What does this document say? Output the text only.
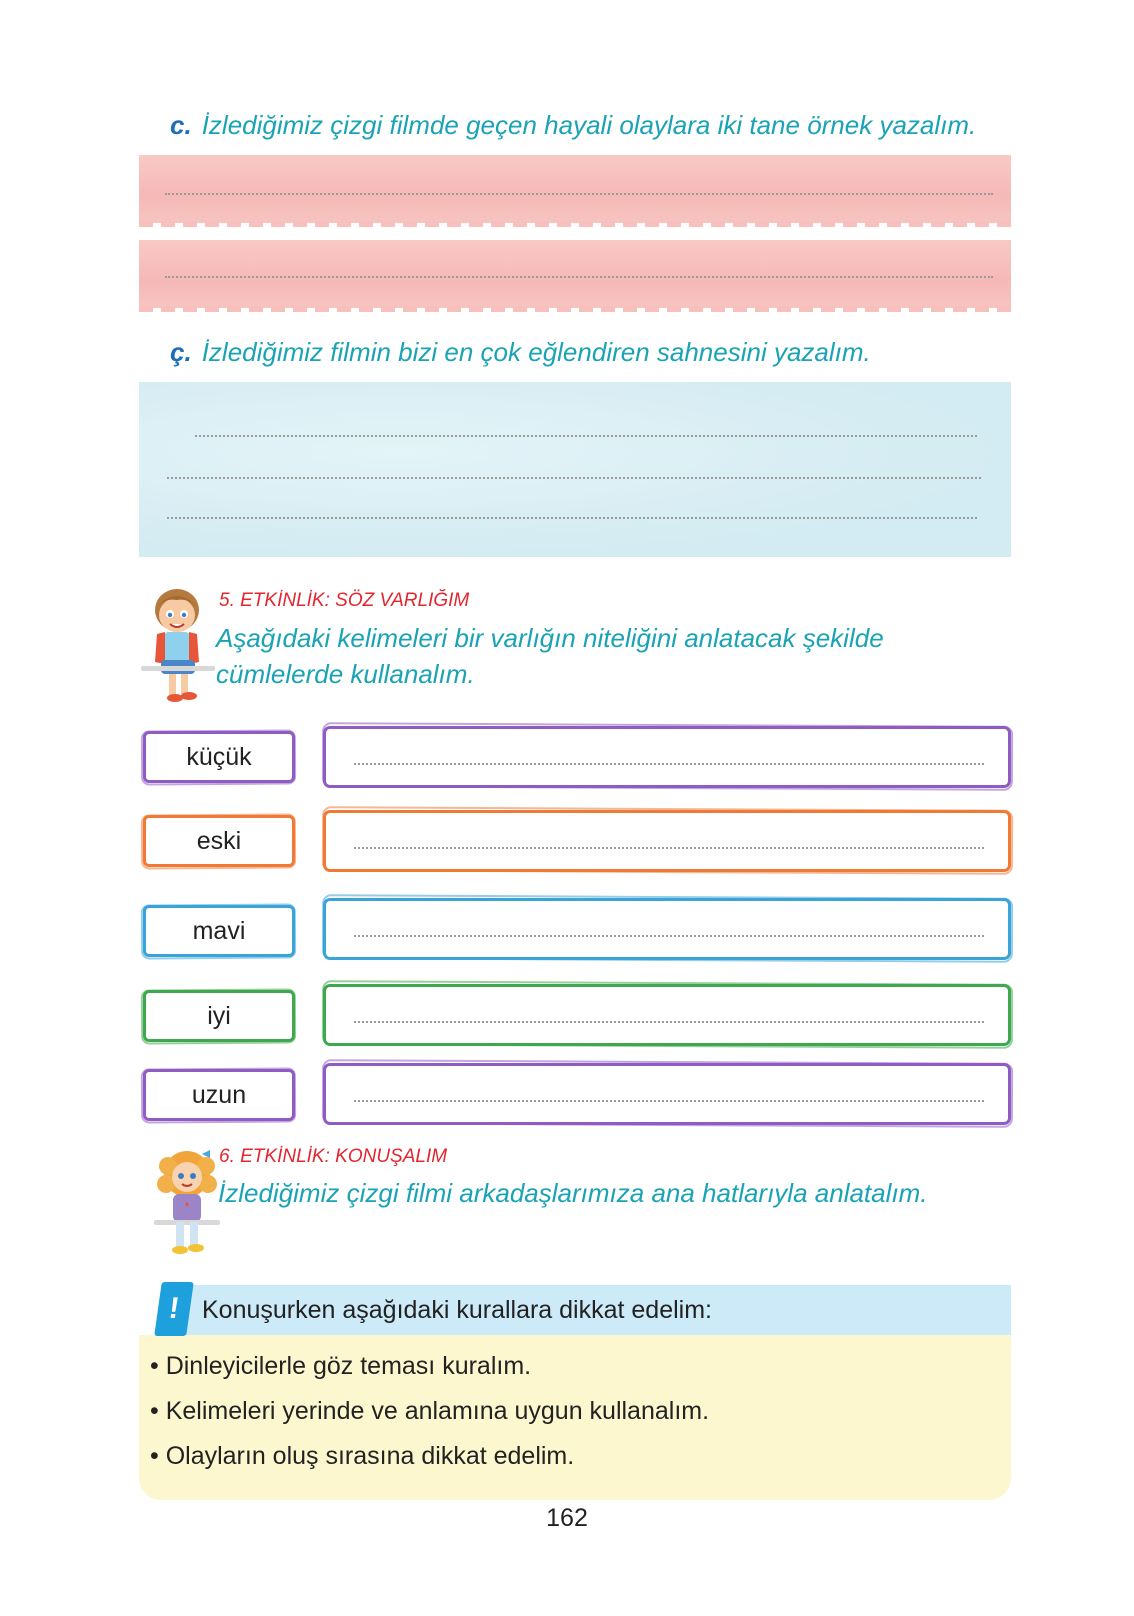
c. İzlediğimiz çizgi filmde geçen hayali olaylara iki tane örnek yazalım.
ç. İzlediğimiz filmin bizi en çok eğlendiren sahnesini yazalım.
5. ETKİNLİK: SÖZ VARLIĞIM
Aşağıdaki kelimeleri bir varlığın niteliğini anlatacak şekilde cümlelerde kullanalım.
küçük
eski
mavi
iyi
uzun
6. ETKİNLİK: KONUŞALIM
İzlediğimiz çizgi filmi arkadaşlarımıza ana hatlarıyla anlatalım.
Konuşurken aşağıdaki kurallara dikkat edelim:
!
• Dinleyicilerle göz teması kuralım.
• Kelimeleri yerinde ve anlamına uygun kullanalım.
• Olayların oluş sırasına dikkat edelim.
162
